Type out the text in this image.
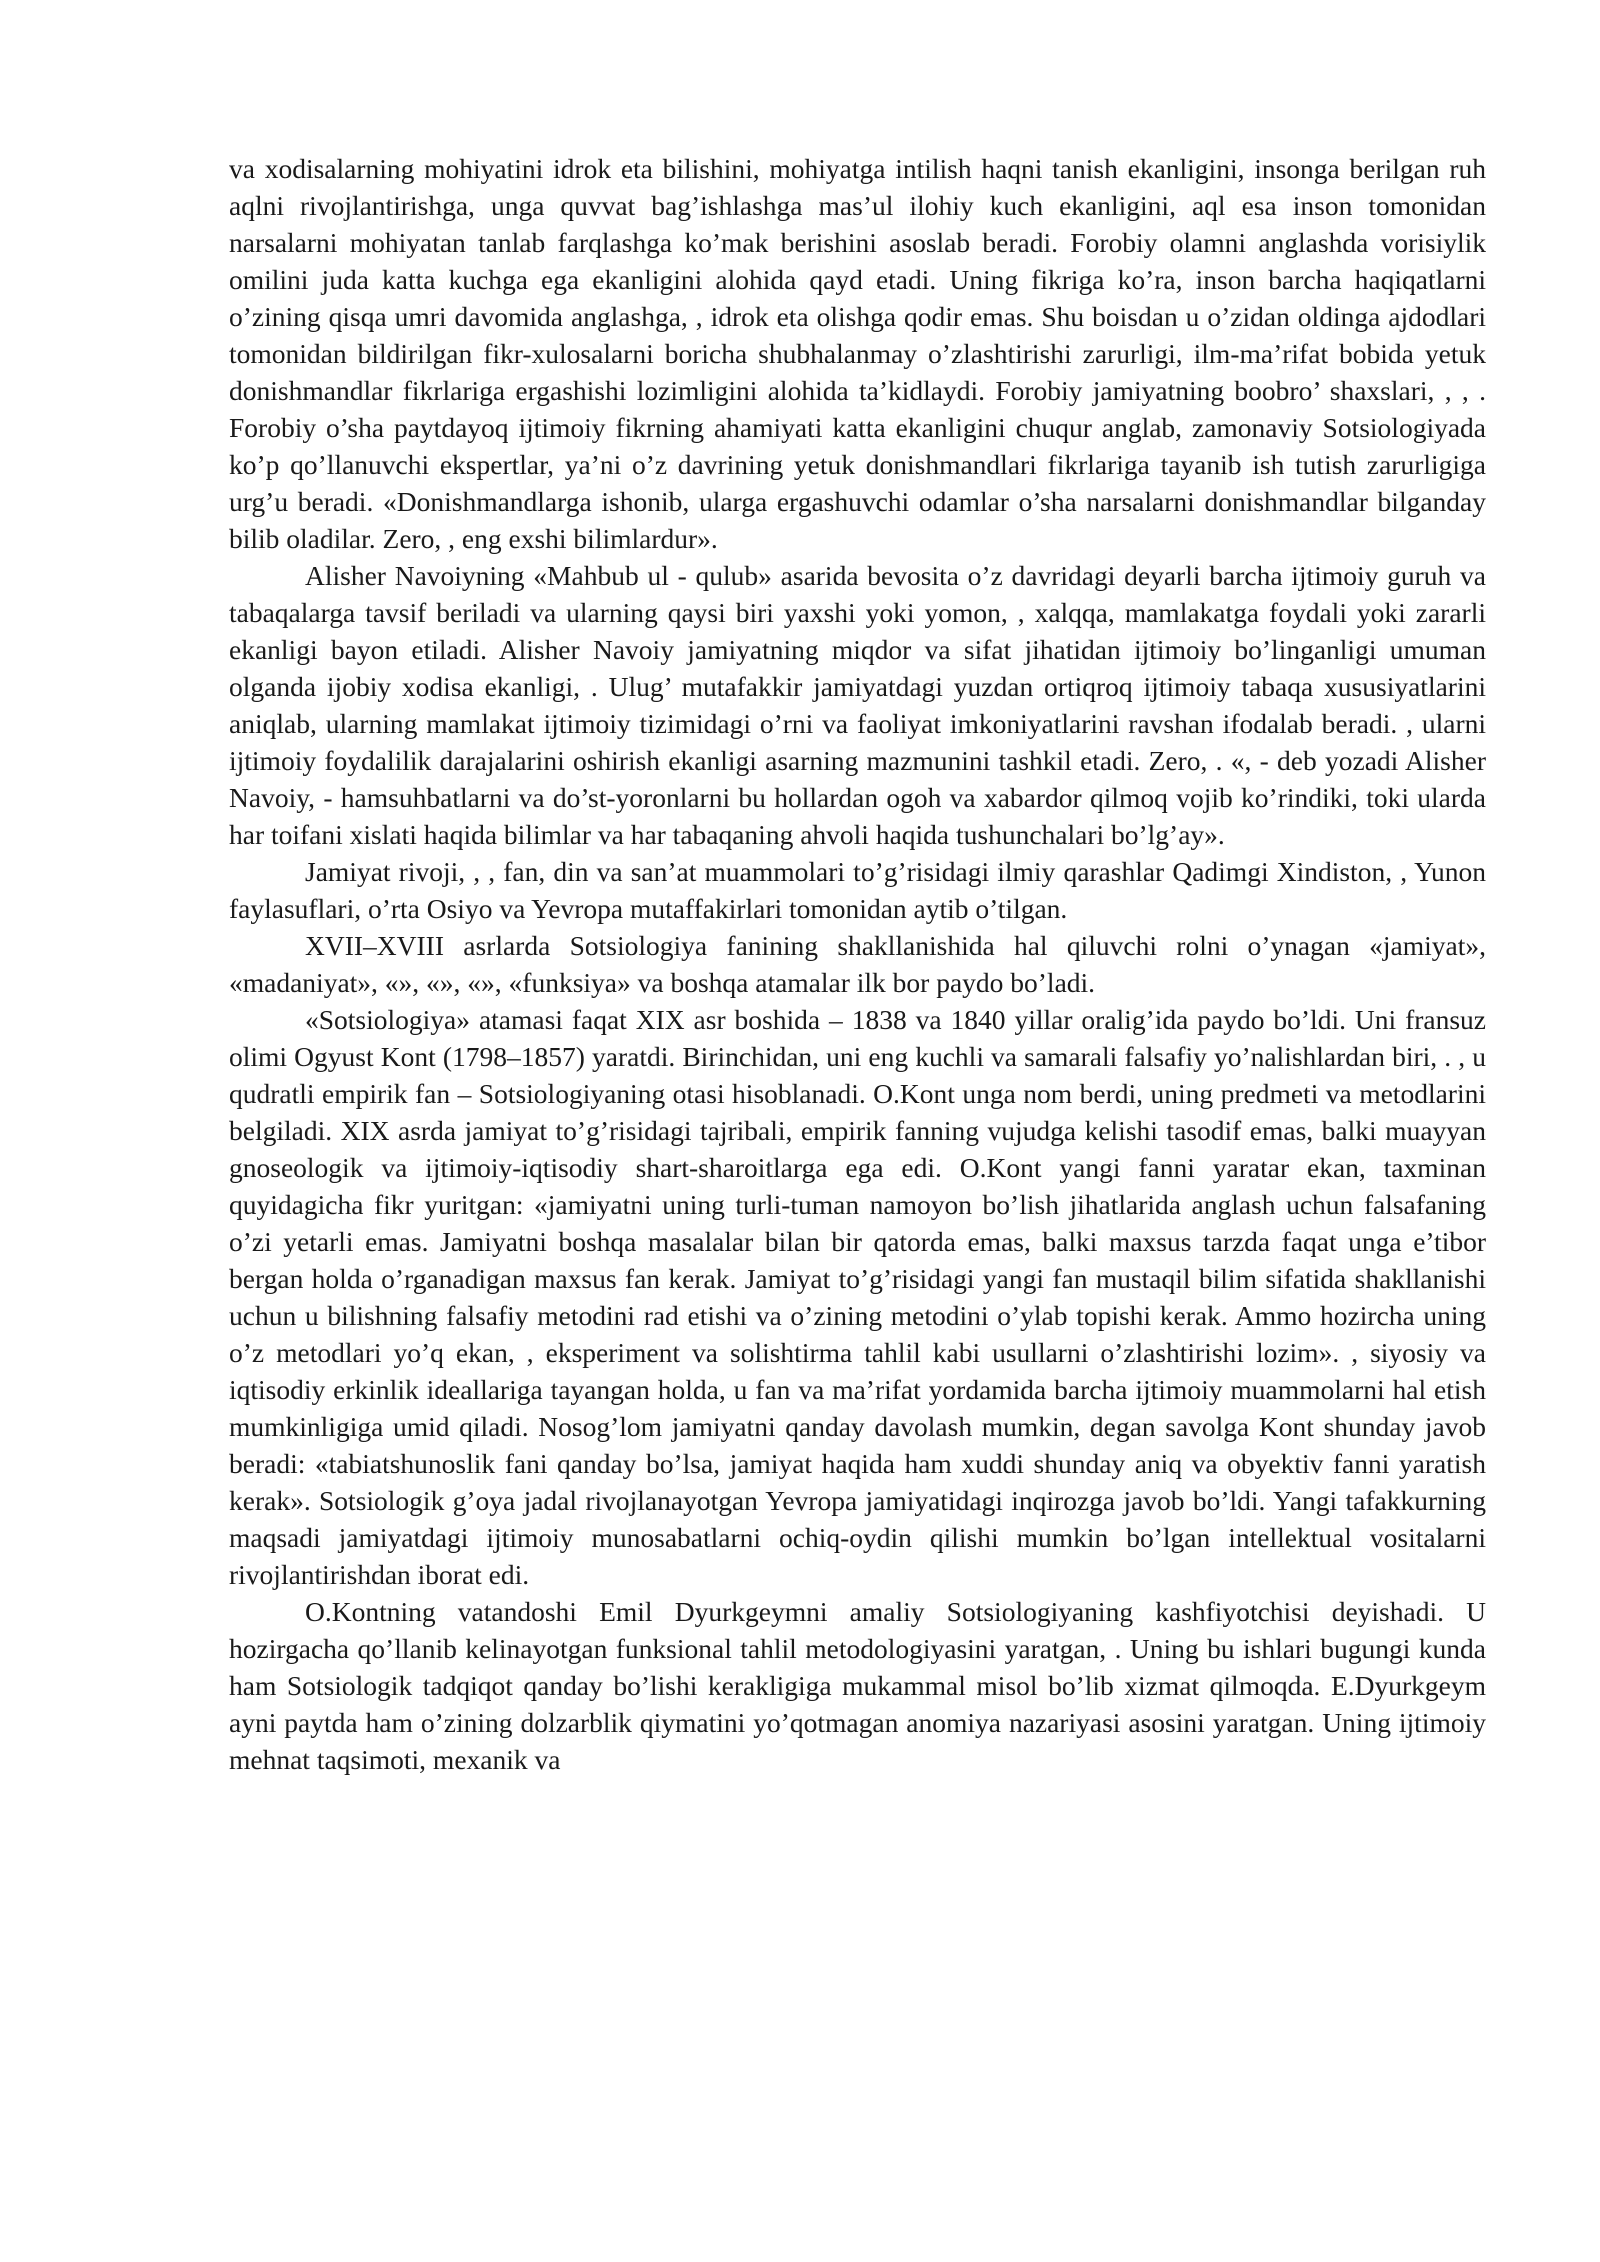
va xodisalarning mohiyatini idrok eta bilishini, mohiyatga intilish haqni tanish ekanligini, insonga berilgan ruh aqlni rivojlantirishga, unga quvvat bag’ishlashga mas’ul ilohiy kuch ekanligini, aql esa inson tomonidan narsalarni mohiyatan tanlab farqlashga ko’mak berishini asoslab beradi. Forobiy olamni anglashda vorisiylik omilini juda katta kuchga ega ekanligini alohida qayd etadi. Uning fikriga ko’ra, inson barcha haqiqatlarni o’zining qisqa umri davomida anglashga, , idrok eta olishga qodir emas. Shu boisdan u o’zidan oldinga ajdodlari tomonidan bildirilgan fikr-xulosalarni boricha shubhalanmay o’zlashtirishi zarurligi, ilm-ma’rifat bobida yetuk donishmandlar fikrlariga ergashishi lozimligini alohida ta’kidlaydi. Forobiy jamiyatning boobro’ shaxslari, , , . Forobiy o’sha paytdayoq ijtimoiy fikrning ahamiyati katta ekanligini chuqur anglab, zamonaviy Sotsiologiyada ko’p qo’llanuvchi ekspertlar, ya’ni o’z davrining yetuk donishmandlari fikrlariga tayanib ish tutish zarurligiga urg’u beradi. «Donishmandlarga ishonib, ularga ergashuvchi odamlar o’sha narsalarni donishmandlar bilganday bilib oladilar. Zero, , eng exshi bilimlardur».

Alisher Navoiyning «Mahbub ul - qulub» asarida bevosita o’z davridagi deyarli barcha ijtimoiy guruh va tabaqalarga tavsif beriladi va ularning qaysi biri yaxshi yoki yomon, , xalqqa, mamlakatga foydali yoki zararli ekanligi bayon etiladi. Alisher Navoiy jamiyatning miqdor va sifat jihatidan ijtimoiy bo’linganligi umuman olganda ijobiy xodisa ekanligi, . Ulug’ mutafakkir jamiyatdagi yuzdan ortiqroq ijtimoiy tabaqa xususiyatlarini aniqlab, ularning mamlakat ijtimoiy tizimidagi o’rni va faoliyat imkoniyatlarini ravshan ifodalab beradi. , ularni ijtimoiy foydalilik darajalarini oshirish ekanligi asarning mazmunini tashkil etadi. Zero, . «, - deb yozadi Alisher Navoiy, - hamsuhbatlarni va do’st-yoronlarni bu hollardan ogoh va xabardor qilmoq vojib ko’rindiki, toki ularda har toifani xislati haqida bilimlar va har tabaqaning ahvoli haqida tushunchalari bo’lg’ay».

Jamiyat rivoji, , , fan, din va san’at muammolari to’g’risidagi ilmiy qarashlar Qadimgi Xindiston, , Yunon faylasuflari, o’rta Osiyo va Yevropa mutaffakirlari tomonidan aytib o’tilgan.

XVII–XVIII asrlarda Sotsiologiya fanining shakllanishida hal qiluvchi rolni o’ynagan «jamiyat», «madaniyat», «», «», «», «funksiya» va boshqa atamalar ilk bor paydo bo’ladi.

«Sotsiologiya» atamasi faqat XIX asr boshida – 1838 va 1840 yillar oralig’ida paydo bo’ldi. Uni fransuz olimi Ogyust Kont (1798–1857) yaratdi. Birinchidan, uni eng kuchli va samarali falsafiy yo’nalishlardan biri, . , u qudratli empirik fan – Sotsiologiyaning otasi hisoblanadi. O.Kont unga nom berdi, uning predmeti va metodlarini belgiladi. XIX asrda jamiyat to’g’risidagi tajribali, empirik fanning vujudga kelishi tasodif emas, balki muayyan gnoseologik va ijtimoiy-iqtisodiy shart-sharoitlarga ega edi. O.Kont yangi fanni yaratar ekan, taxminan quyidagicha fikr yuritgan: «jamiyatni uning turli-tuman namoyon bo’lish jihatlarida anglash uchun falsafaning o’zi yetarli emas. Jamiyatni boshqa masalalar bilan bir qatorda emas, balki maxsus tarzda faqat unga e’tibor bergan holda o’rganadigan maxsus fan kerak. Jamiyat to’g’risidagi yangi fan mustaqil bilim sifatida shakllanishi uchun u bilishning falsafiy metodini rad etishi va o’zining metodini o’ylab topishi kerak. Ammo hozircha uning o’z metodlari yo’q ekan, , eksperiment va solishtirma tahlil kabi usullarni o’zlashtirishi lozim». , siyosiy va iqtisodiy erkinlik ideallariga tayangan holda, u fan va ma’rifat yordamida barcha ijtimoiy muammolarni hal etish mumkinligiga umid qiladi. Nosog’lom jamiyatni qanday davolash mumkin, degan savolga Kont shunday javob beradi: «tabiatshunoslik fani qanday bo’lsa, jamiyat haqida ham xuddi shunday aniq va obyektiv fanni yaratish kerak». Sotsiologik g’oya jadal rivojlanayotgan Yevropa jamiyatidagi inqirozga javob bo’ldi. Yangi tafakkurning maqsadi jamiyatdagi ijtimoiy munosabatlarni ochiq-oydin qilishi mumkin bo’lgan intellektual vositalarni rivojlantirishdan iborat edi.

O.Kontning vatandoshi Emil Dyurkgeymni amaliy Sotsiologiyaning kashfiyotchisi deyishadi. U hozirgacha qo’llanib kelinayotgan funksional tahlil metodologiyasini yaratgan, . Uning bu ishlari bugungi kunda ham Sotsiologik tadqiqot qanday bo’lishi kerakligiga mukammal misol bo’lib xizmat qilmoqda. E.Dyurkgeym ayni paytda ham o’zining dolzarblik qiymatini yo’qotmagan anomiya nazariyasi asosini yaratgan. Uning ijtimoiy mehnat taqsimoti, mexanik va
